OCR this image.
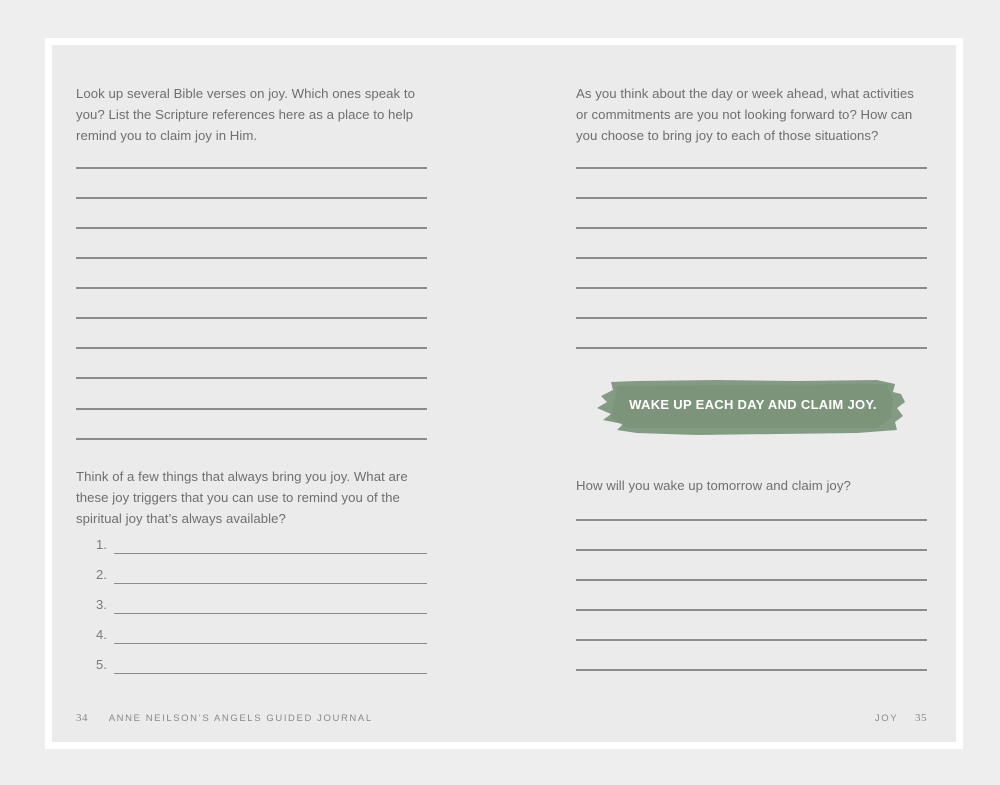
Look up several Bible verses on joy. Which ones speak to
you? List the Scripture references here as a place to help
remind you to claim joy in Him.
Think of a few things that always bring you joy. What are
these joy triggers that you can use to remind you of the
spiritual joy that’s always available?
1.
2.
3.
4.
5.
34 ANNE NEILSON’S ANGELS GUIDED JOURNAL
As you think about the day or week ahead, what activities
or commitments are you not looking forward to? How can
you choose to bring joy to each of those situations?
How will you wake up tomorrow and claim joy?
JOY 35
WAKE UP EACH DAY AND CLAIM JOY.
